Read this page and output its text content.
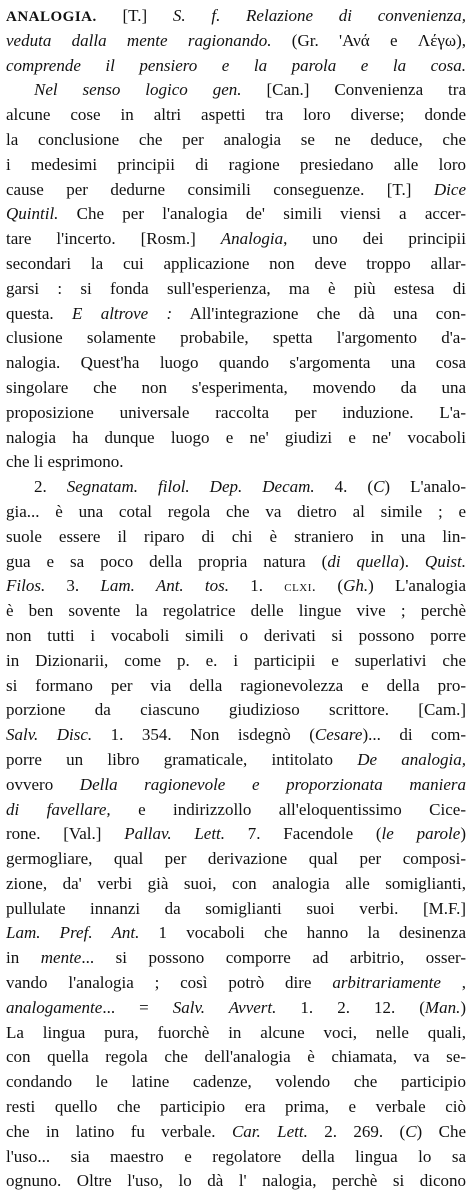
ANALOGIA. [T.] S. f. Relazione di convenienza,
veduta dalla mente ragionando. (Gr. 'Ανά e Λέγω),
comprende il pensiero e la parola e la cosa.
Nel senso logico gen. [Can.] Convenienza tra
alcune cose in altri aspetti tra loro diverse; donde
la conclusione che per analogia se ne deduce, che
i medesimi principii di ragione presiedano alle loro
cause per dedurne consimili conseguenze. [T.] Dice
Quintil. Che per l'analogia de' simili viensi a accer-
tare l'incerto. [Rosm.] Analogia, uno dei principii
secondari la cui applicazione non deve troppo allar-
garsi : si fonda sull'esperienza, ma è più estesa di
questa. E altrove : All'integrazione che dà una con-
clusione solamente probabile, spetta l'argomento d'a-
nalogia. Quest'ha luogo quando s'argomenta una cosa
singolare che non s'esperimenta, movendo da una
proposizione universale raccolta per induzione. L'a-
nalogia ha dunque luogo e ne' giudizi e ne' vocaboli
che li esprimono.
2. Segnatam. filol. Dep. Decam. 4. (C) L'analo-
gia... è una cotal regola che va dietro al simile ; e
suole essere il riparo di chi è straniero in una lin-
gua e sa poco della propria natura (di quella). Quist.
Filos. 3. Lam. Ant. tos. 1. clxi. (Gh.) L'analogia
è ben sovente la regolatrice delle lingue vive ; perchè
non tutti i vocaboli simili o derivati si possono porre
in Dizionarii, come p. e. i participii e superlativi che
si formano per via della ragionevolezza e della pro-
porzione da ciascuno giudizioso scrittore. [Cam.]
Salv. Disc. 1. 354. Non isdegnò (Cesare)... di com-
porre un libro gramaticale, intitolato De analogia,
ovvero Della ragionevole e proporzionata maniera
di favellare, e indirizzollo all'eloquentissimo Cice-
rone. [Val.] Pallav. Lett. 7. Facendole (le parole)
germogliare, qual per derivazione qual per composi-
zione, da' verbi già suoi, con analogia alle somiglianti,
pullulate innanzi da somiglianti suoi verbi. [M.F.]
Lam. Pref. Ant. 1 vocaboli che hanno la desinenza
in mente... si possono comporre ad arbitrio, osser-
vando l'analogia ; così potrò dire arbitrariamente ,
analogamente... = Salv. Avvert. 1. 2. 12. (Man.)
La lingua pura, fuorchè in alcune voci, nelle quali,
con quella regola che dell'analogia è chiamata, va se-
condando le latine cadenze, volendo che participio
resti quello che participio era prima, e verbale ciò
che in latino fu verbale. Car. Lett. 2. 269. (C) Che
l'uso... sia maestro e regolatore della lingua lo sa
ognuno. Oltre l'uso, lo dà l' nalogia, perchè si dicono
